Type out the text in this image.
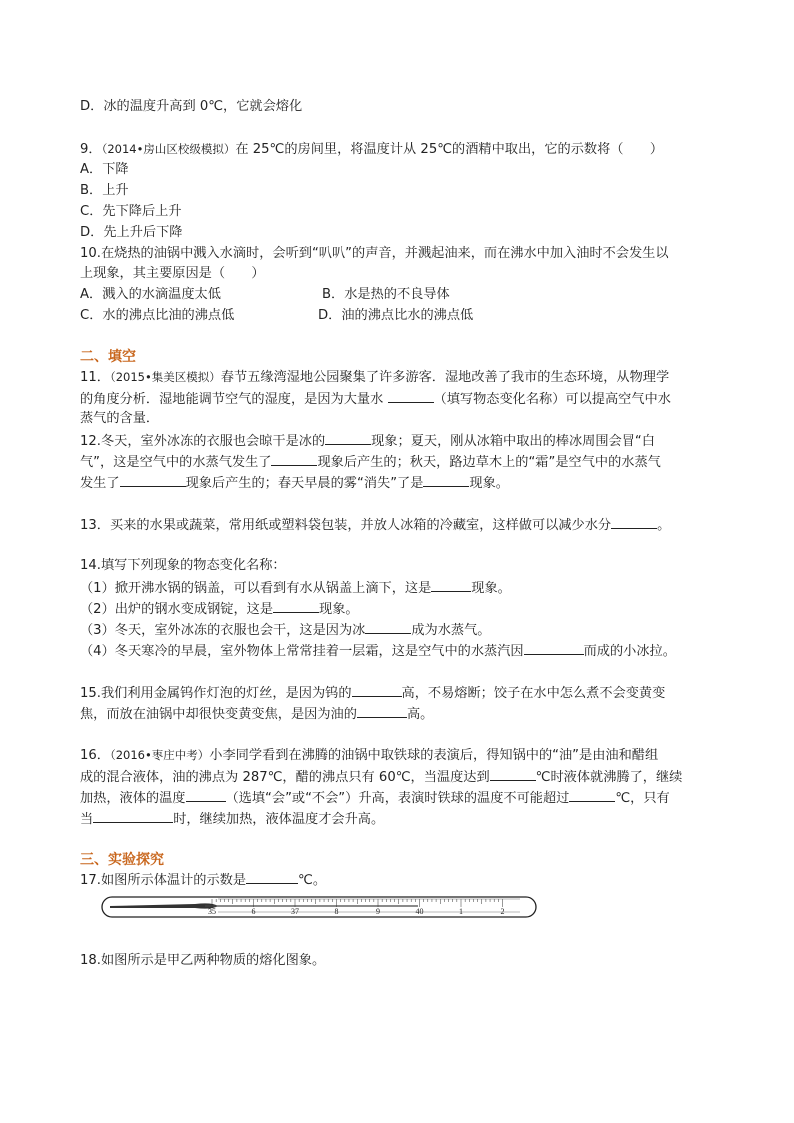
D．冰的温度升高到 0℃，它就会熔化
9．（2014•房山区校级模拟）在 25℃的房间里，将温度计从 25℃的酒精中取出，它的示数将（　　）
A．下降
B．上升
C．先下降后上升
D．先上升后下降
10.在烧热的油锅中溅入水滴时，会听到“叭叭”的声音，并溅起油来，而在沸水中加入油时不会发生以
上现象，其主要原因是（　　）
A．溅入的水滴温度太低	B．水是热的不良导体
C．水的沸点比油的沸点低	D．油的沸点比水的沸点低
二、填空
11．（2015•集美区模拟）春节五缘湾湿地公园聚集了许多游客．湿地改善了我市的生态环境，从物理学
的角度分析．湿地能调节空气的湿度，是因为大量水	（填写物态变化名称）可以提高空气中水
蒸气的含量．
12.冬天，室外冰冻的衣服也会晾干是冰的	现象；夏天，刚从冰箱中取出的棒冰周围会冒“白
气”，这是空气中的水蒸气发生了	现象后产生的；秋天，路边草木上的“霜”是空气中的水蒸气
发生了	现象后产生的；春天早晨的雾“消失”了是	现象。
13．买来的水果或蔬菜，常用纸或塑料袋包装，并放人冰箱的冷藏室，这样做可以减少水分	。
14.填写下列现象的物态变化名称：
（1）掀开沸水锅的锅盖，可以看到有水从锅盖上滴下，这是	现象。
（2）出炉的钢水变成钢锭，这是	现象。
（3）冬天，室外冰冻的衣服也会干，这是因为冰	成为水蒸气。
（4）冬天寒冷的早晨，室外物体上常常挂着一层霜，这是空气中的水蒸汽因	而成的小冰拉。
15.我们利用金属钨作灯泡的灯丝，是因为钨的	高，不易熔断；饺子在水中怎么煮不会变黄变
焦，而放在油锅中却很快变黄变焦，是因为油的	高。
16．（2016•枣庄中考）小李同学看到在沸腾的油锅中取铁球的表演后，得知锅中的“油”是由油和醋组
成的混合液体，油的沸点为 287℃，醋的沸点只有 60℃，当温度达到	℃时液体就沸腾了，继续
加热，液体的温度	（选填“会”或“不会”）升高，表演时铁球的温度不可能超过	℃，只有
当	时，继续加热，液体温度才会升高。
三、实验探究
17.如图所示体温计的示数是	℃。
35	6	37	8	9	40	1	2
18.如图所示是甲乙两种物质的熔化图象。
